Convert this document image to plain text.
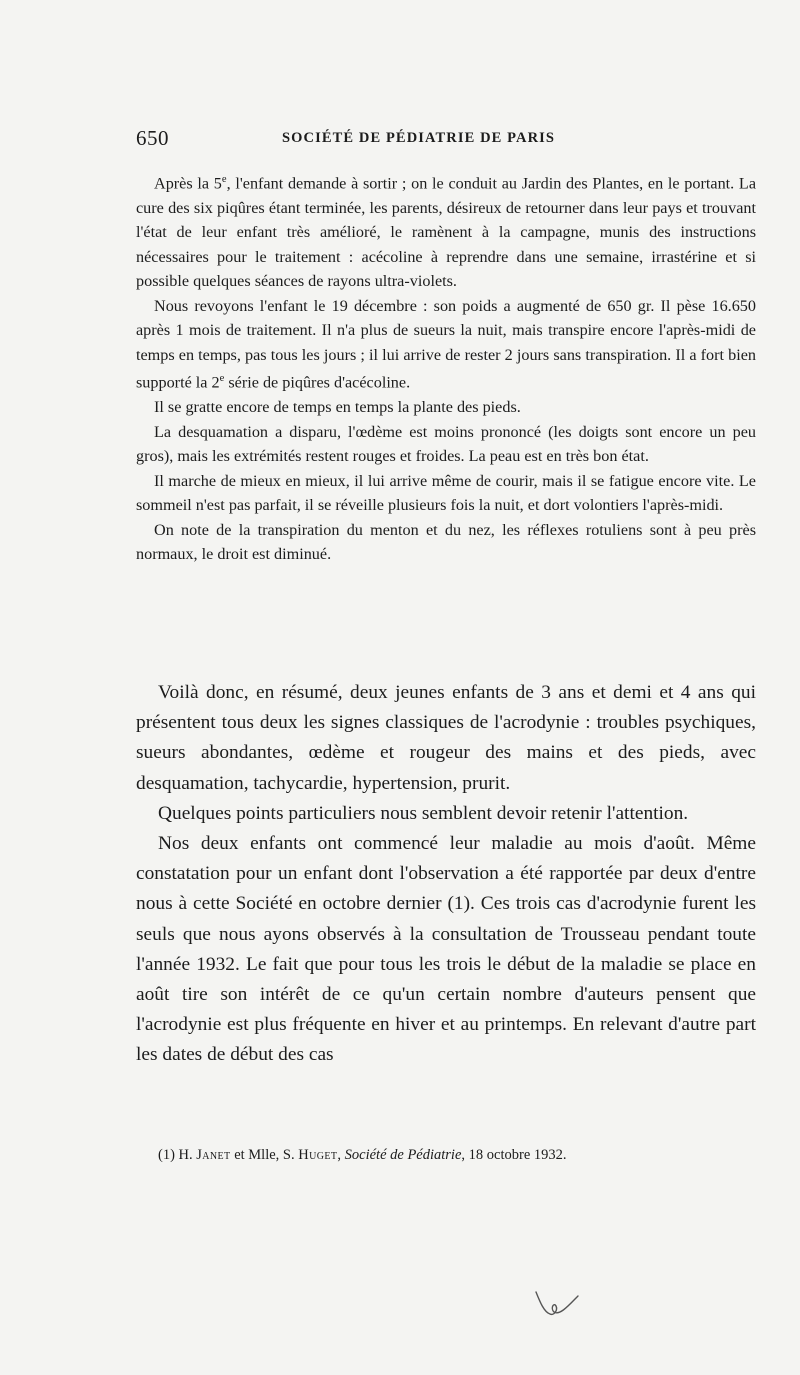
650	SOCIÉTÉ DE PÉDIATRIE DE PARIS

Après la 5e, l'enfant demande à sortir ; on le conduit au Jardin des Plantes, en le portant. La cure des six piqûres étant terminée, les parents, désireux de retourner dans leur pays et trouvant l'état de leur enfant très amélioré, le ramènent à la campagne, munis des instructions nécessaires pour le traitement : acécoline à reprendre dans une semaine, irrastérine et si possible quelques séances de rayons ultra-violets.

Nous revoyons l'enfant le 19 décembre : son poids a augmenté de 650 gr. Il pèse 16.650 après 1 mois de traitement. Il n'a plus de sueurs la nuit, mais transpire encore l'après-midi de temps en temps, pas tous les jours ; il lui arrive de rester 2 jours sans transpiration. Il a fort bien supporté la 2e série de piqûres d'acécoline.

Il se gratte encore de temps en temps la plante des pieds.

La desquamation a disparu, l'œdème est moins prononcé (les doigts sont encore un peu gros), mais les extrémités restent rouges et froides. La peau est en très bon état.

Il marche de mieux en mieux, il lui arrive même de courir, mais il se fatigue encore vite. Le sommeil n'est pas parfait, il se réveille plusieurs fois la nuit, et dort volontiers l'après-midi.

On note de la transpiration du menton et du nez, les réflexes rotuliens sont à peu près normaux, le droit est diminué.

Voilà donc, en résumé, deux jeunes enfants de 3 ans et demi et 4 ans qui présentent tous deux les signes classiques de l'acrodynie : troubles psychiques, sueurs abondantes, œdème et rougeur des mains et des pieds, avec desquamation, tachycardie, hypertension, prurit.

Quelques points particuliers nous semblent devoir retenir l'attention.

Nos deux enfants ont commencé leur maladie au mois d'août. Même constatation pour un enfant dont l'observation a été rapportée par deux d'entre nous à cette Société en octobre dernier (1). Ces trois cas d'acrodynie furent les seuls que nous ayons observés à la consultation de Trousseau pendant toute l'année 1932. Le fait que pour tous les trois le début de la maladie se place en août tire son intérêt de ce qu'un certain nombre d'auteurs pensent que l'acrodynie est plus fréquente en hiver et au printemps. En relevant d'autre part les dates de début des cas

(1) H. Janet et Mlle, S. Huget, Société de Pédiatrie, 18 octobre 1932.
